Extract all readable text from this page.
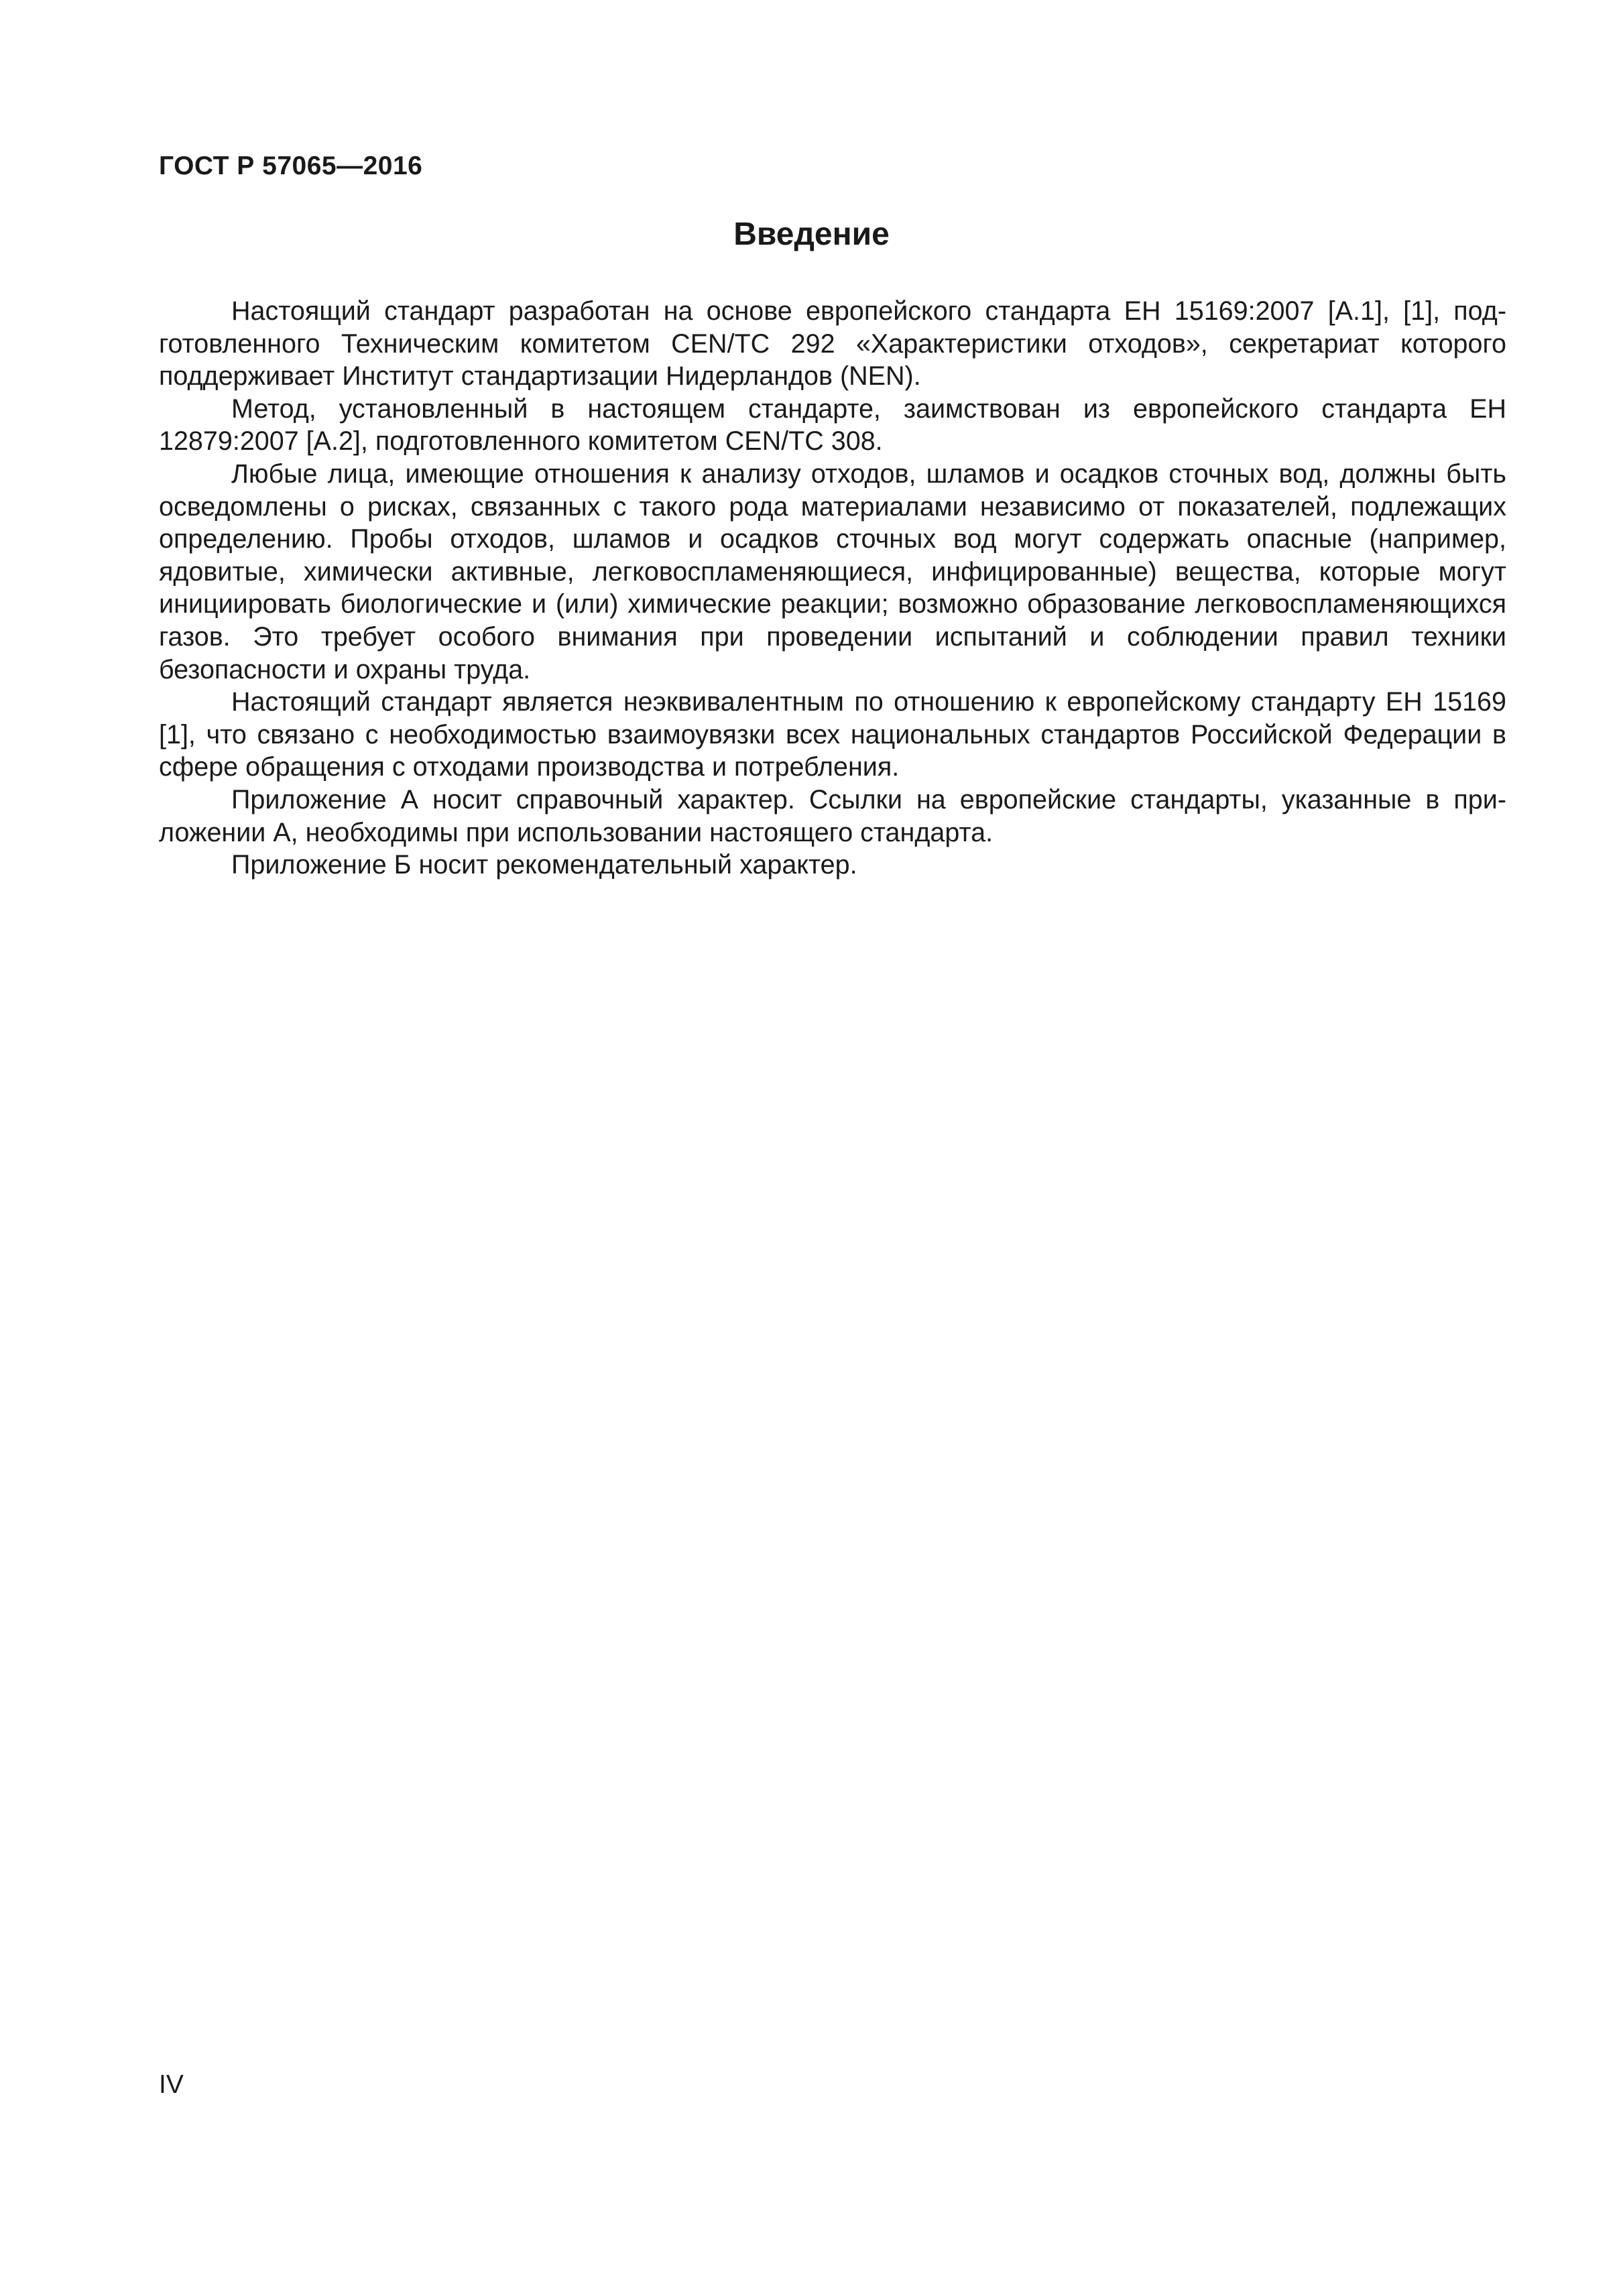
ГОСТ Р 57065—2016
Введение

Настоящий стандарт разработан на основе европейского стандарта ЕН 15169:2007 [А.1], [1], подготовленного Техническим комитетом CEN/TC 292 «Характеристики отходов», секретариат которого поддерживает Институт стандартизации Нидерландов (NEN).

Метод, установленный в настоящем стандарте, заимствован из европейского стандарта ЕН 12879:2007 [А.2], подготовленного комитетом CEN/TC 308.

Любые лица, имеющие отношения к анализу отходов, шламов и осадков сточных вод, должны быть осведомлены о рисках, связанных с такого рода материалами независимо от показателей, подлежащих определению. Пробы отходов, шламов и осадков сточных вод могут содержать опасные (например, ядовитые, химически активные, легковоспламеняющиеся, инфицированные) вещества, которые могут инициировать биологические и (или) химические реакции; возможно образование легковоспламеняющихся газов. Это требует особого внимания при проведении испытаний и соблюдении правил техники безопасности и охраны труда.

Настоящий стандарт является неэквивалентным по отношению к европейскому стандарту ЕН 15169 [1], что связано с необходимостью взаимоувязки всех национальных стандартов Российской Федерации в сфере обращения с отходами производства и потребления.

Приложение А носит справочный характер. Ссылки на европейские стандарты, указанные в приложении А, необходимы при использовании настоящего стандарта.

Приложение Б носит рекомендательный характер.

IV
